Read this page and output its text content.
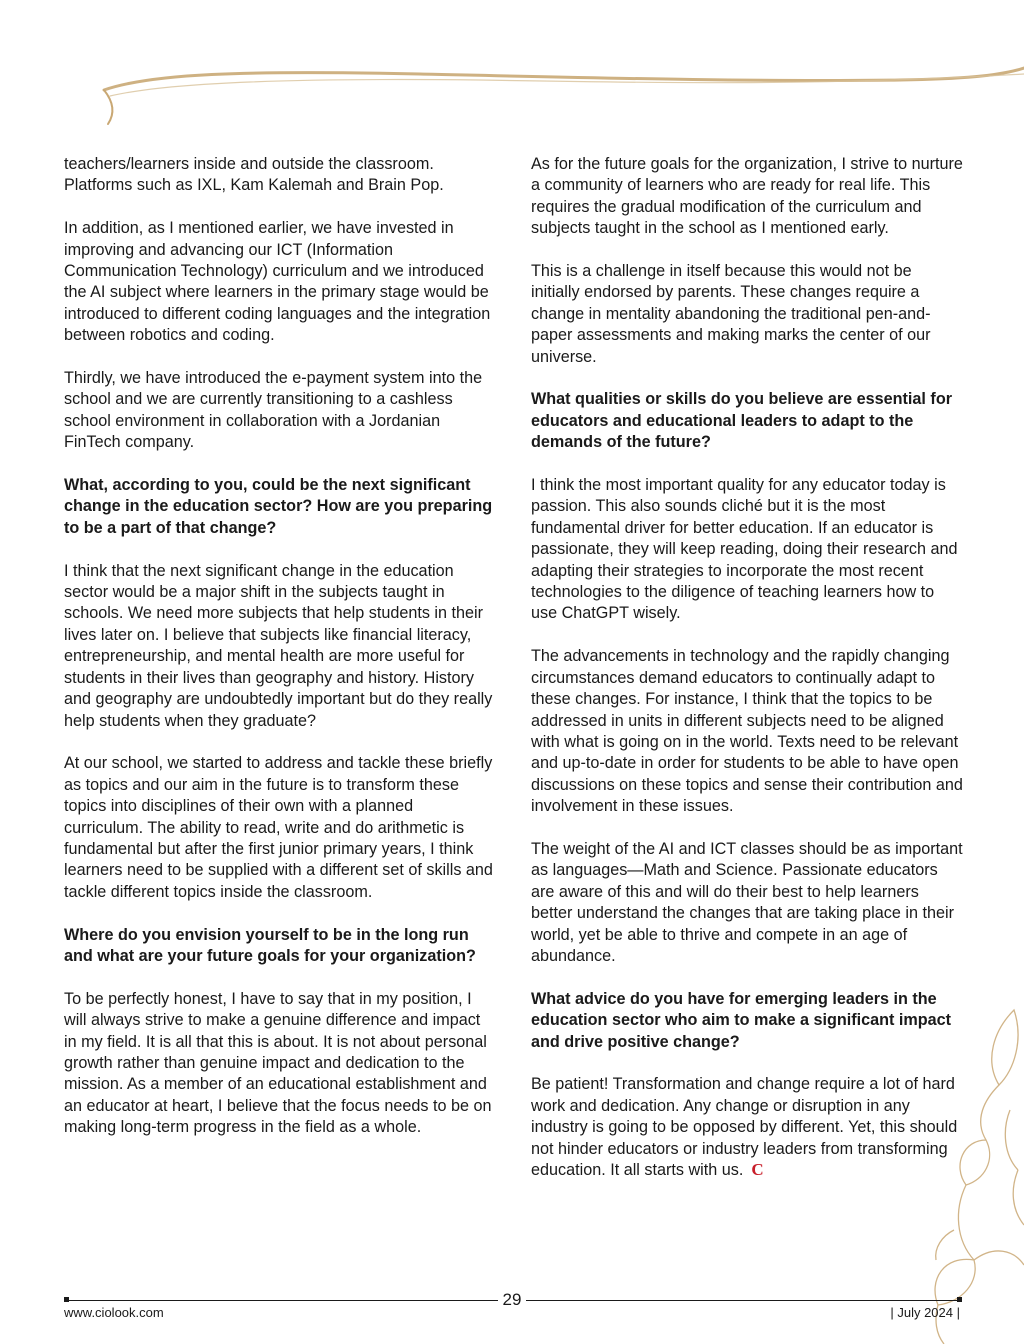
teachers/learners inside and outside the classroom. Platforms such as IXL, Kam Kalemah and Brain Pop.

In addition, as I mentioned earlier, we have invested in improving and advancing our ICT (Information Communication Technology) curriculum and we introduced the AI subject where learners in the primary stage would be introduced to different coding languages and the integration between robotics and coding.

Thirdly, we have introduced the e-payment system into the school and we are currently transitioning to a cashless school environment in collaboration with a Jordanian FinTech company.

What, according to you, could be the next significant change in the education sector? How are you preparing to be a part of that change?

I think that the next significant change in the education sector would be a major shift in the subjects taught in schools. We need more subjects that help students in their lives later on. I believe that subjects like financial literacy, entrepreneurship, and mental health are more useful for students in their lives than geography and history. History and geography are undoubtedly important but do they really help students when they graduate?

At our school, we started to address and tackle these briefly as topics and our aim in the future is to transform these topics into disciplines of their own with a planned curriculum. The ability to read, write and do arithmetic is fundamental but after the first junior primary years, I think learners need to be supplied with a different set of skills and tackle different topics inside the classroom.

Where do you envision yourself to be in the long run and what are your future goals for your organization?

To be perfectly honest, I have to say that in my position, I will always strive to make a genuine difference and impact in my field. It is all that this is about. It is not about personal growth rather than genuine impact and dedication to the mission. As a member of an educational establishment and an educator at heart, I believe that the focus needs to be on making long-term progress in the field as a whole.

As for the future goals for the organization, I strive to nurture a community of learners who are ready for real life. This requires the gradual modification of the curriculum and subjects taught in the school as I mentioned early.

This is a challenge in itself because this would not be initially endorsed by parents. These changes require a change in mentality abandoning the traditional pen-and-paper assessments and making marks the center of our universe.

What qualities or skills do you believe are essential for educators and educational leaders to adapt to the demands of the future?

I think the most important quality for any educator today is passion. This also sounds cliché but it is the most fundamental driver for better education. If an educator is passionate, they will keep reading, doing their research and adapting their strategies to incorporate the most recent technologies to the diligence of teaching learners how to use ChatGPT wisely.

The advancements in technology and the rapidly changing circumstances demand educators to continually adapt to these changes. For instance, I think that the topics to be addressed in units in different subjects need to be aligned with what is going on in the world. Texts need to be relevant and up-to-date in order for students to be able to have open discussions on these topics and sense their contribution and involvement in these issues.

The weight of the AI and ICT classes should be as important as languages—Math and Science. Passionate educators are aware of this and will do their best to help learners better understand the changes that are taking place in their world, yet be able to thrive and compete in an age of abundance.

What advice do you have for emerging leaders in the education sector who aim to make a significant impact and drive positive change?

Be patient! Transformation and change require a lot of hard work and dedication. Any change or disruption in any industry is going to be opposed by different. Yet, this should not hinder educators or industry leaders from transforming education. It all starts with us. C

29
www.ciolook.com	| July 2024 |
